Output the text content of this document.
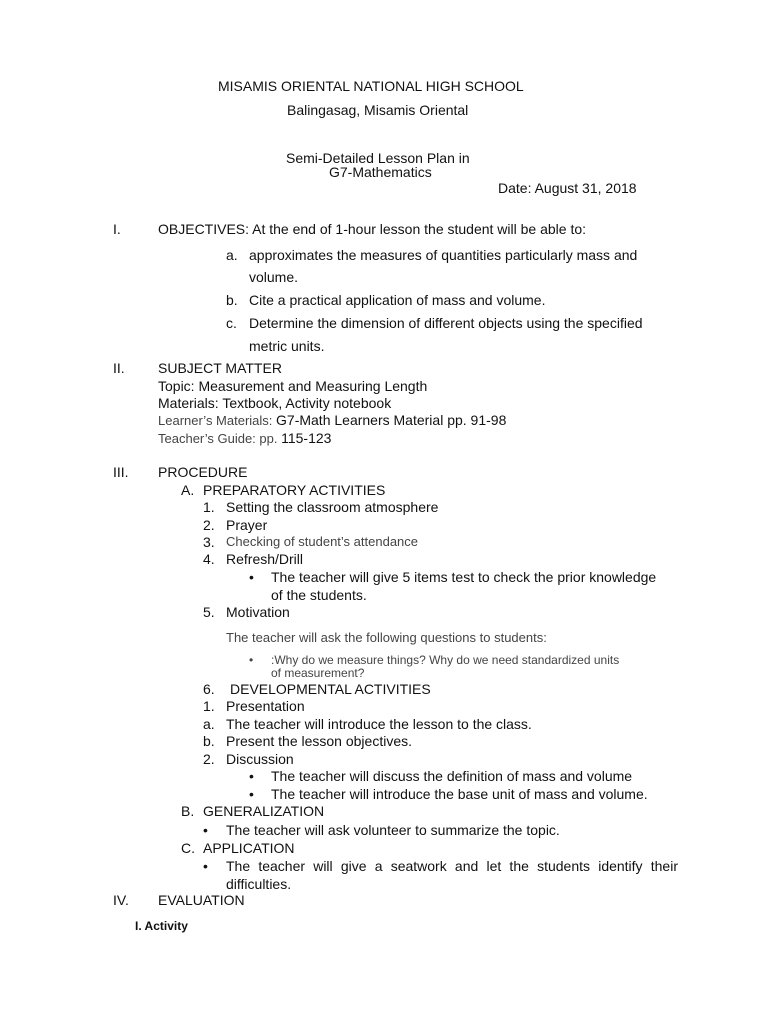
MISAMIS ORIENTAL NATIONAL HIGH SCHOOL
Balingasag, Misamis Oriental
Semi-Detailed Lesson Plan in
G7-Mathematics
Date: August 31, 2018
I.	OBJECTIVES: At the end of 1-hour lesson the student will be able to:
a. approximates the measures of quantities particularly mass and
volume.
b. Cite a practical application of mass and volume.
c. Determine the dimension of different objects using the specified
metric units.
II. SUBJECT MATTER
Topic: Measurement and Measuring Length
Materials: Textbook, Activity notebook
Learner’s Materials: G7-Math Learners Material pp. 91-98
Teacher’s Guide: pp. 115-123
III. PROCEDURE
A. PREPARATORY ACTIVITIES
1. Setting the classroom atmosphere
2. Prayer
3. Checking of student’s attendance
4. Refresh/Drill
• The teacher will give 5 items test to check the prior knowledge
of the students.
5. Motivation
The teacher will ask the following questions to students:
• :Why do we measure things? Why do we need standardized units
of measurement?
6. DEVELOPMENTAL ACTIVITIES
1. Presentation
a. The teacher will introduce the lesson to the class.
b. Present the lesson objectives.
2. Discussion
• The teacher will discuss the definition of mass and volume
• The teacher will introduce the base unit of mass and volume.
B. GENERALIZATION
• The teacher will ask volunteer to summarize the topic.
C. APPLICATION
• The teacher will give a seatwork and let the students identify their
difficulties.
IV. EVALUATION
I. Activity
